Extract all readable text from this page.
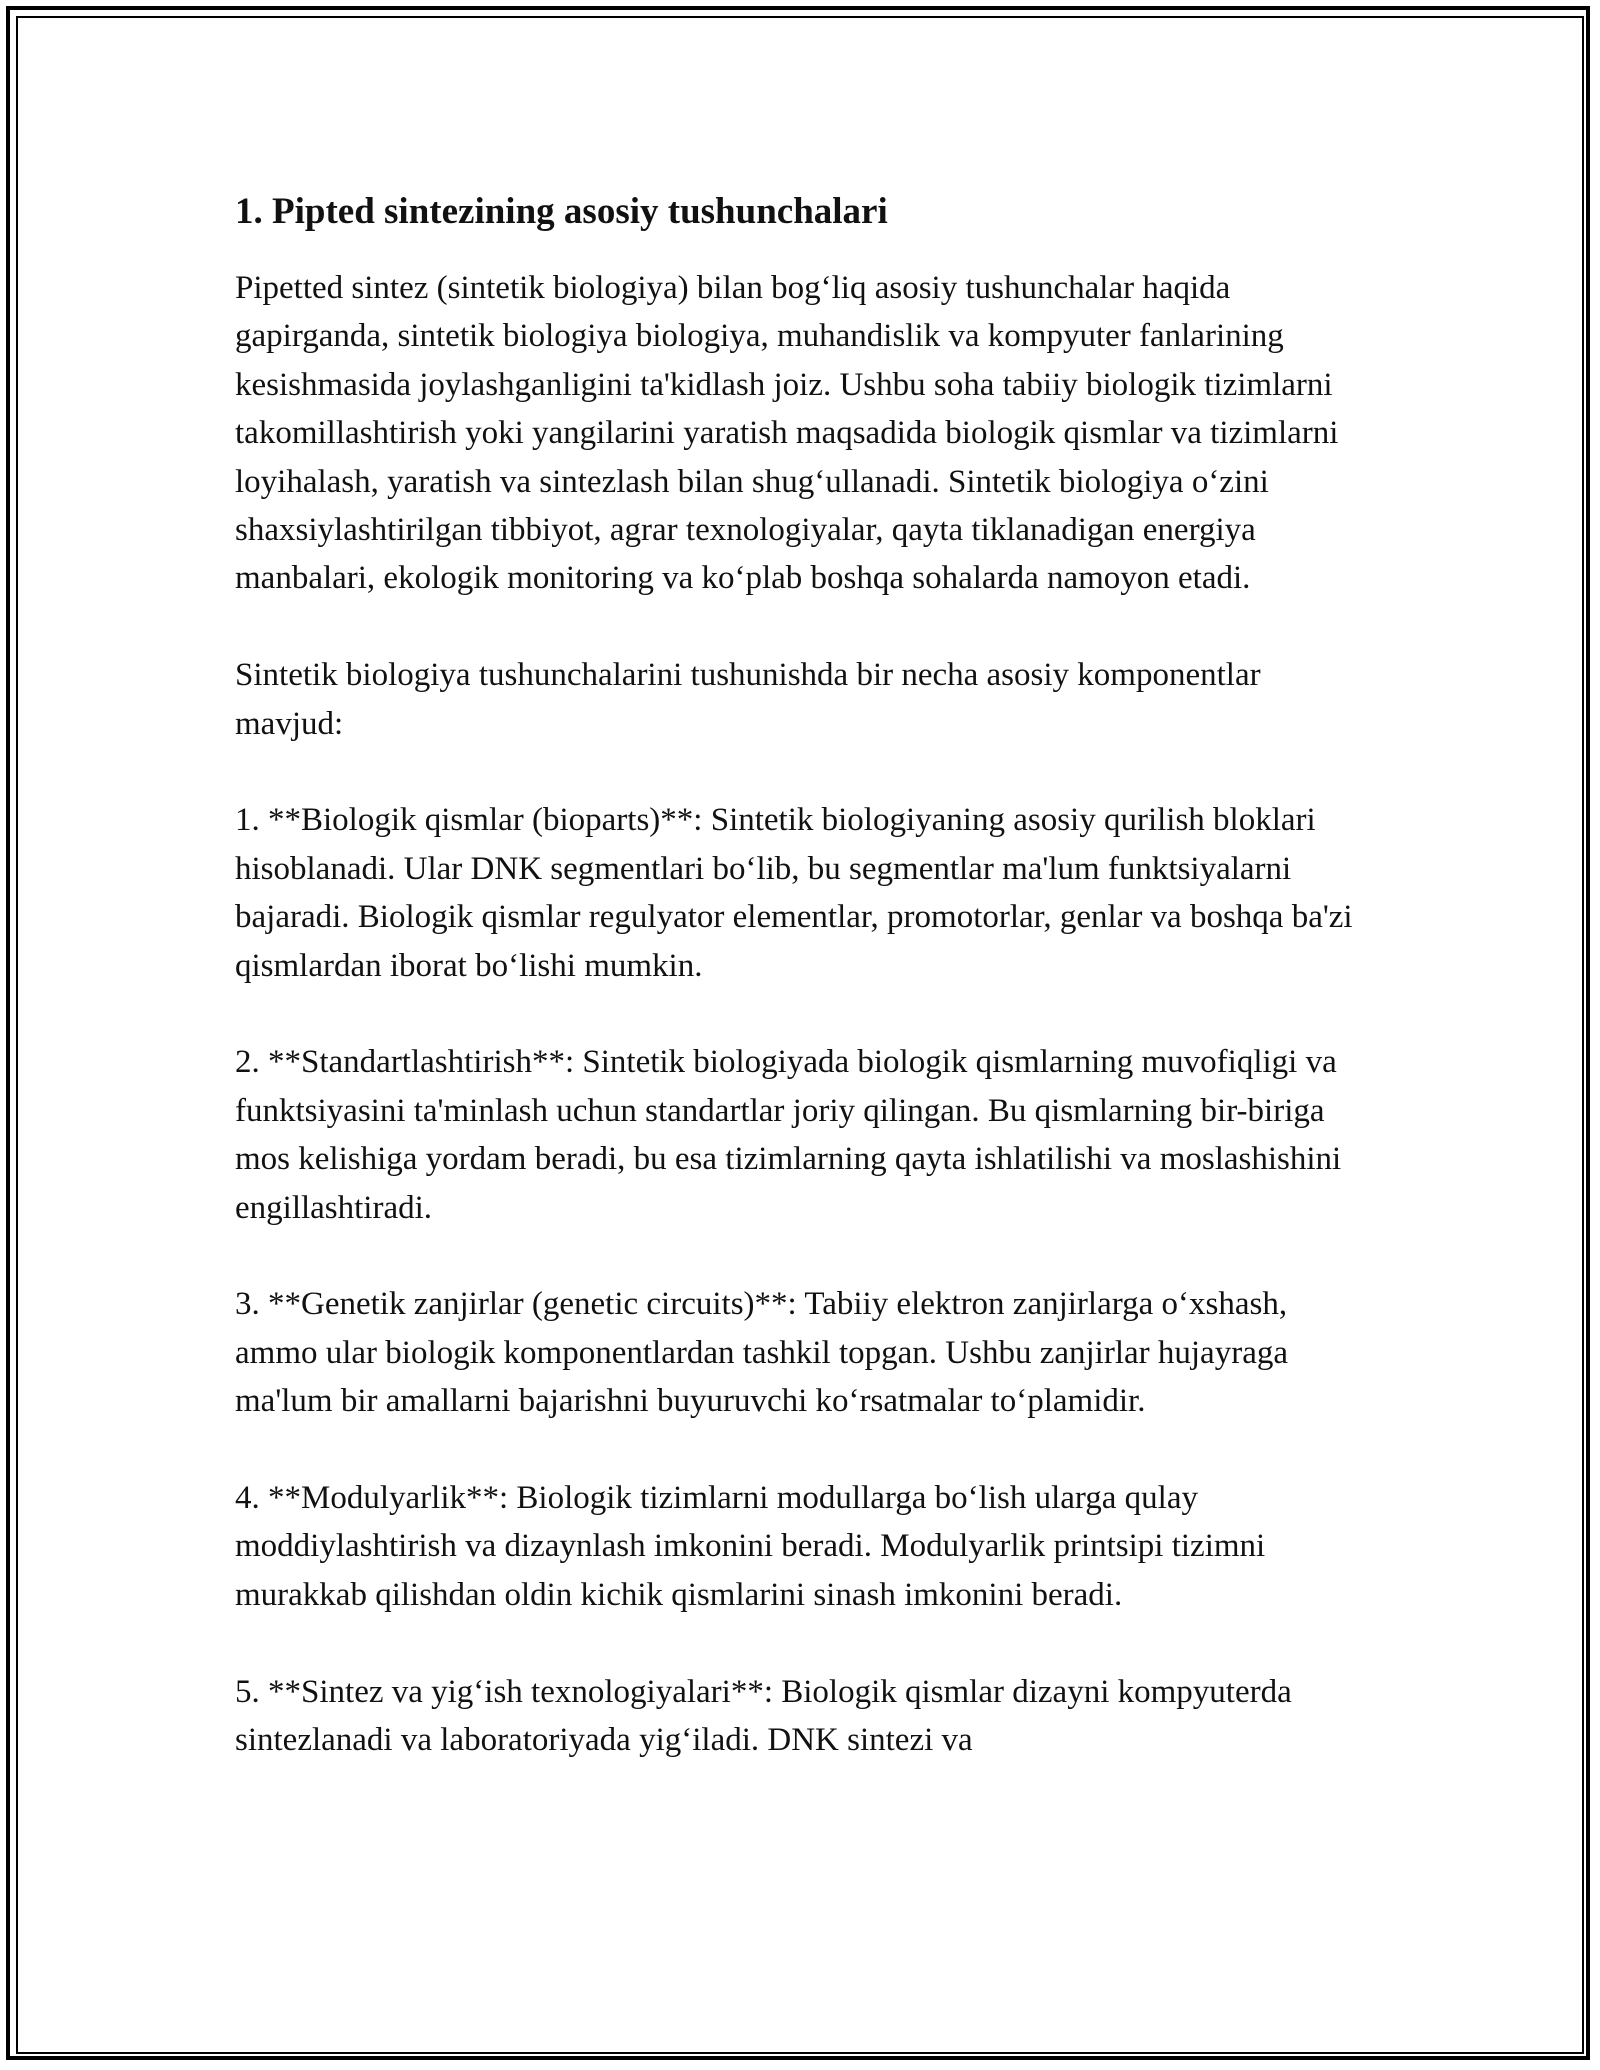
1. Pipted sintezining asosiy tushunchalari

Pipetted sintez (sintetik biologiya) bilan bog‘liq asosiy tushunchalar haqida gapirganda, sintetik biologiya biologiya, muhandislik va kompyuter fanlarining kesishmasida joylashganligini ta'kidlash joiz. Ushbu soha tabiiy biologik tizimlarni takomillashtirish yoki yangilarini yaratish maqsadida biologik qismlar va tizimlarni loyihalash, yaratish va sintezlash bilan shug‘ullanadi. Sintetik biologiya o‘zini shaxsiylashtirilgan tibbiyot, agrar texnologiyalar, qayta tiklanadigan energiya manbalari, ekologik monitoring va ko‘plab boshqa sohalarda namoyon etadi.

Sintetik biologiya tushunchalarini tushunishda bir necha asosiy komponentlar mavjud:

1. **Biologik qismlar (bioparts)**: Sintetik biologiyaning asosiy qurilish bloklari hisoblanadi. Ular DNK segmentlari bo‘lib, bu segmentlar ma'lum funktsiyalarni bajaradi. Biologik qismlar regulyator elementlar, promotorlar, genlar va boshqa ba'zi qismlardan iborat bo‘lishi mumkin.

2. **Standartlashtirish**: Sintetik biologiyada biologik qismlarning muvofiqligi va funktsiyasini ta'minlash uchun standartlar joriy qilingan. Bu qismlarning bir-biriga mos kelishiga yordam beradi, bu esa tizimlarning qayta ishlatilishi va moslashishini engillashtiradi.

3. **Genetik zanjirlar (genetic circuits)**: Tabiiy elektron zanjirlarga o‘xshash, ammo ular biologik komponentlardan tashkil topgan. Ushbu zanjirlar hujayraga ma'lum bir amallarni bajarishni buyuruvchi ko‘rsatmalar to‘plamidir.

4. **Modulyarlik**: Biologik tizimlarni modullarga bo‘lish ularga qulay moddiylashtirish va dizaynlash imkonini beradi. Modulyarlik printsipi tizimni murakkab qilishdan oldin kichik qismlarini sinash imkonini beradi.

5. **Sintez va yig‘ish texnologiyalari**: Biologik qismlar dizayni kompyuterda sintezlanadi va laboratoriyada yig‘iladi. DNK sintezi va
